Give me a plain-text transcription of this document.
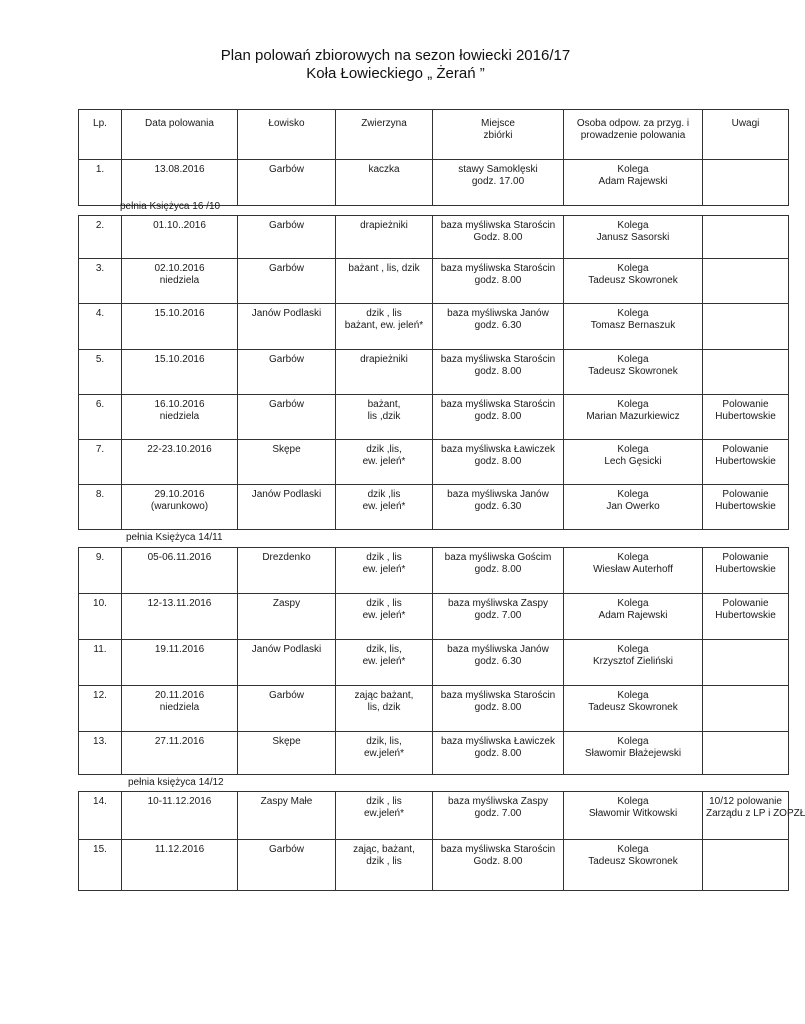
Plan polowań zbiorowych na sezon łowiecki 2016/17
Koła Łowieckiego „ Żerań ”
Lp.	Data polowania	Łowisko	Zwierzyna	Miejsce
zbiórki	Osoba odpow. za przyg. i
prowadzenie polowania	Uwagi

1.	13.08.2016	Garbów	kaczka	stawy Samoklęski
godz. 17.00	Kolega
Adam Rajewski	

2.	01.10..2016	Garbów	drapieżniki	baza myśliwska Starościn
Godz. 8.00	Kolega
Janusz Sasorski	

3.	02.10.2016
niedziela	Garbów	bażant , lis, dzik	baza myśliwska Starościn
godz. 8.00	Kolega
Tadeusz Skowronek	

4.	15.10.2016	Janów Podlaski	dzik , lis
bażant, ew. jeleń*	baza myśliwska Janów
godz. 6.30	Kolega
Tomasz Bernaszuk	

5.	15.10.2016	Garbów	drapieżniki	baza myśliwska Starościn
godz. 8.00	Kolega
Tadeusz Skowronek	

6.	16.10.2016
niedziela	Garbów	bażant,
lis ,dzik	baza myśliwska Starościn
godz. 8.00	Kolega
Marian Mazurkiewicz	Polowanie
Hubertowskie

7.	22-23.10.2016	Skępe	dzik ,lis,
ew. jeleń*	baza myśliwska Ławiczek
godz. 8.00	Kolega
Lech Gęsicki	Polowanie
Hubertowskie

8.	29.10.2016
(warunkowo)	Janów Podlaski	dzik ,lis
ew. jeleń*	baza myśliwska Janów
godz. 6.30	Kolega
Jan Owerko	Polowanie
Hubertowskie
9.	05-06.11.2016	Drezdenko	dzik , lis
ew. jeleń*	baza myśliwska Gościm
godz. 8.00	Kolega
Wiesław Auterhoff	Polowanie
Hubertowskie

10.	12-13.11.2016	Zaspy	dzik , lis
ew. jeleń*	baza myśliwska Zaspy
godz. 7.00	Kolega
Adam Rajewski	Polowanie
Hubertowskie

11.	19.11.2016	Janów Podlaski	dzik, lis,
ew. jeleń*	baza myśliwska Janów
godz. 6.30	Kolega
Krzysztof Zieliński	

12.	20.11.2016
niedziela	Garbów	zając bażant,
lis, dzik	baza myśliwska Starościn
godz. 8.00	Kolega
Tadeusz Skowronek	

13.	27.11.2016	Skępe	dzik, lis,
ew.jeleń*	baza myśliwska Ławiczek
godz. 8.00	Kolega
Sławomir Błażejewski	

14.	10-11.12.2016	Zaspy Małe	dzik , lis
ew.jeleń*	baza myśliwska Zaspy
godz. 7.00	Kolega
Sławomir Witkowski	10/12 polowanie
Zarządu z LP i ZOPZŁ

15.	11.12.2016	Garbów	zając, bażant,
dzik , lis	baza myśliwska Starościn
Godz. 8.00	Kolega
Tadeusz Skowronek	

pełnia Księżyca 16 /10
pełnia Księżyca 14/11
pełnia księżyca 14/12
